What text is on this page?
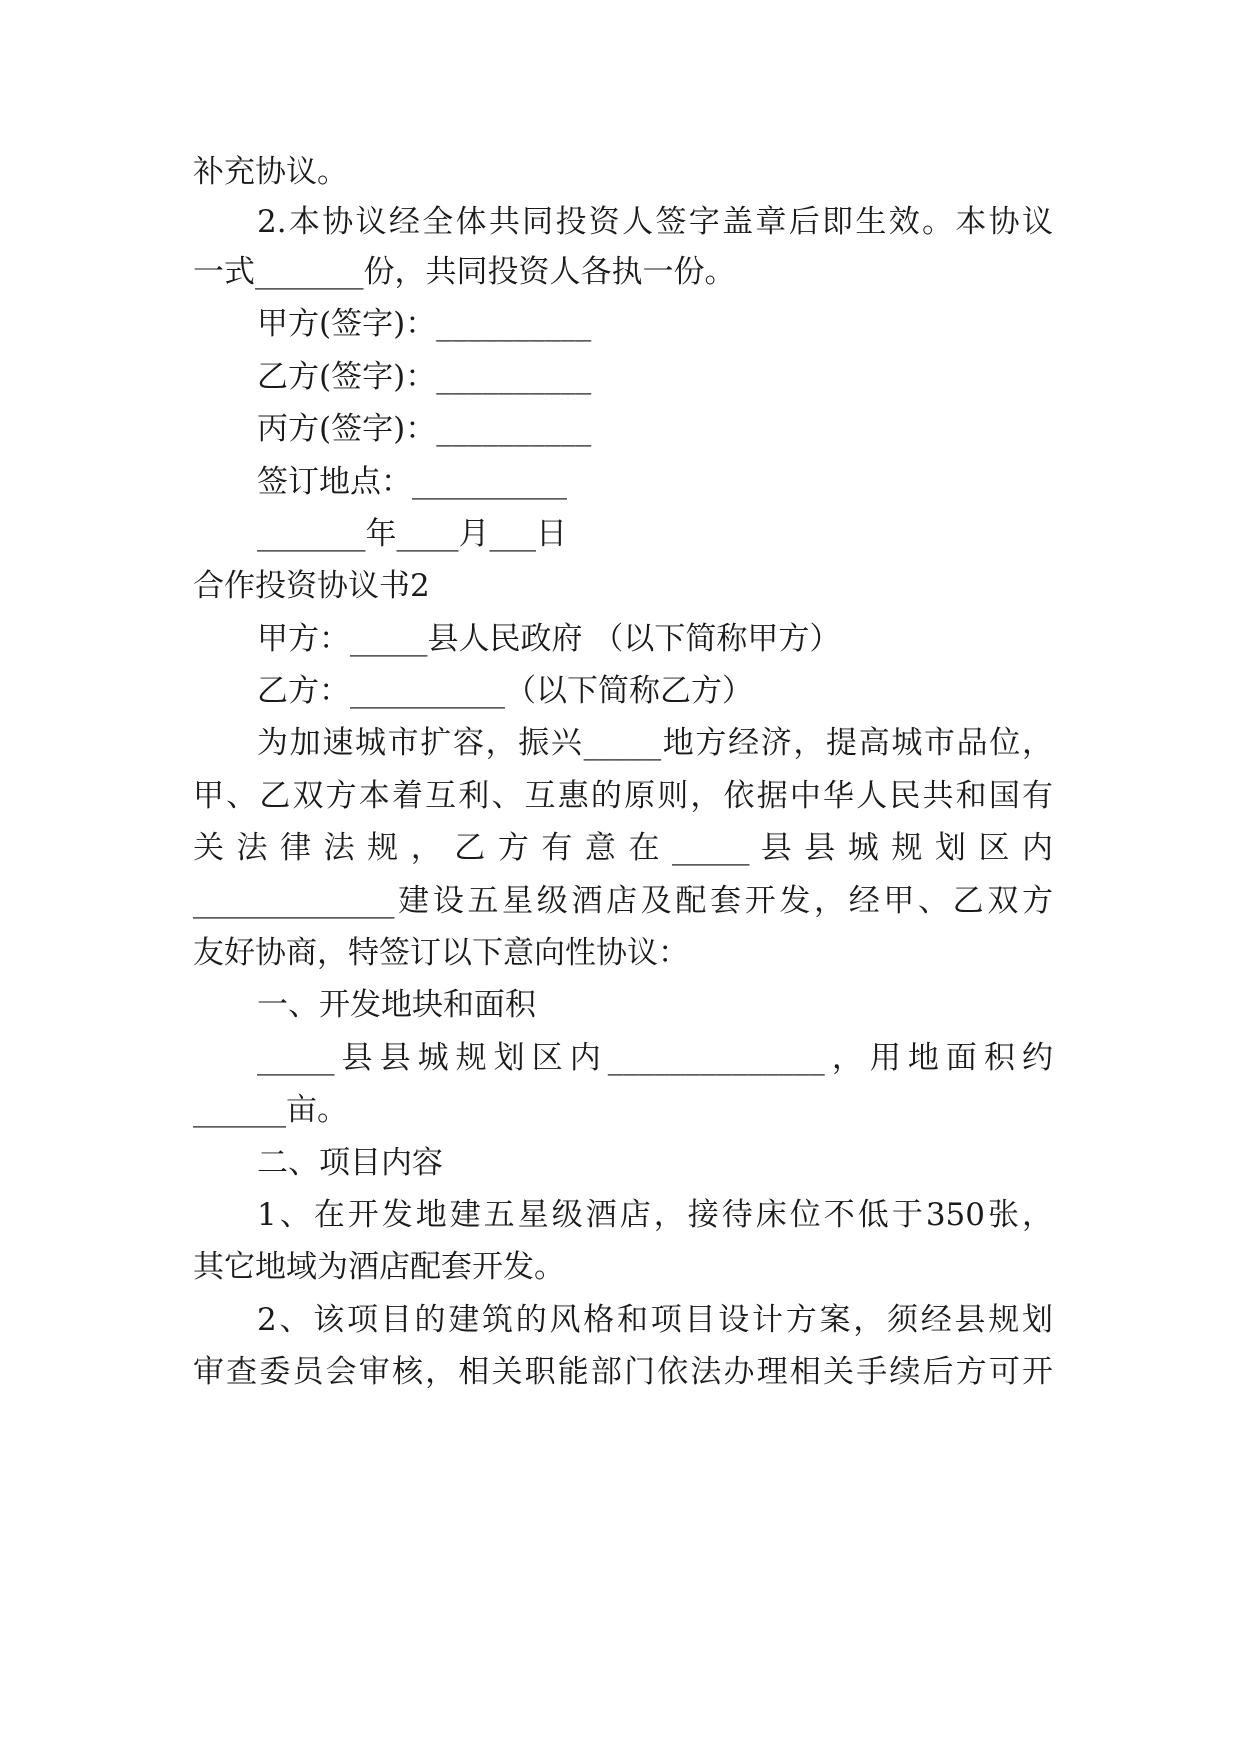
补充协议。
2.本协议经全体共同投资人签字盖章后即生效。本协议
一式_______份，共同投资人各执一份。
甲方(签字)：__________
乙方(签字)：__________
丙方(签字)：__________
签订地点：__________
_______年____月___日
合作投资协议书2
甲方：_____县人民政府 （以下简称甲方）
乙方：__________（以下简称乙方）
为加速城市扩容，振兴_____地方经济，提高城市品位，
甲、乙双方本着互利、互惠的原则，依据中华人民共和国有
关 法 律 法 规 ， 乙 方 有 意 在 _____ 县 县 城 规 划 区 内
_____________建设五星级酒店及配套开发，经甲、乙双方
友好协商，特签订以下意向性协议：
一、开发地块和面积
_____县县城规划区内______________，用地面积约
______亩。
二、项目内容
1、在开发地建五星级酒店，接待床位不低于350张，
其它地域为酒店配套开发。
2、该项目的建筑的风格和项目设计方案，须经县规划
审查委员会审核，相关职能部门依法办理相关手续后方可开
